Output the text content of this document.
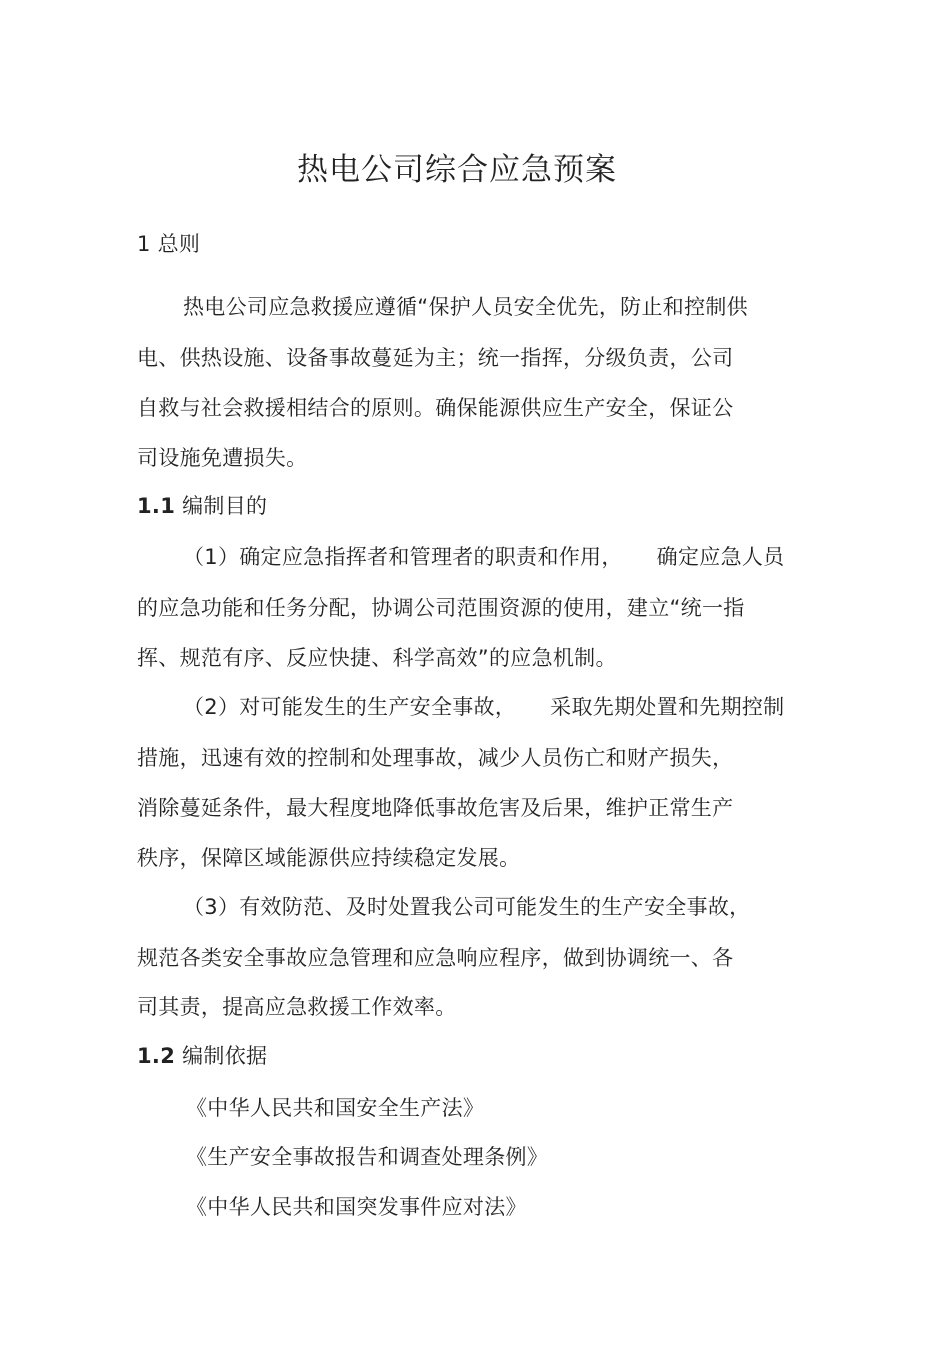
热电公司综合应急预案
1 总则
热电公司应急救援应遵循“保护人员安全优先，防止和控制供
电、供热设施、设备事故蔓延为主；统一指挥，分级负责，公司
自救与社会救援相结合的原则。确保能源供应生产安全，保证公
司设施免遭损失。
1.1 编制目的
（1）确定应急指挥者和管理者的职责和作用， 确定应急人员
的应急功能和任务分配，协调公司范围资源的使用，建立“统一指
挥、规范有序、反应快捷、科学高效”的应急机制。
（2）对可能发生的生产安全事故， 采取先期处置和先期控制
措施，迅速有效的控制和处理事故，减少人员伤亡和财产损失，
消除蔓延条件，最大程度地降低事故危害及后果，维护正常生产
秩序，保障区域能源供应持续稳定发展。
（3）有效防范、及时处置我公司可能发生的生产安全事故，
规范各类安全事故应急管理和应急响应程序，做到协调统一、各
司其责，提高应急救援工作效率。
1.2 编制依据
《中华人民共和国安全生产法》
《生产安全事故报告和调查处理条例》
《中华人民共和国突发事件应对法》
